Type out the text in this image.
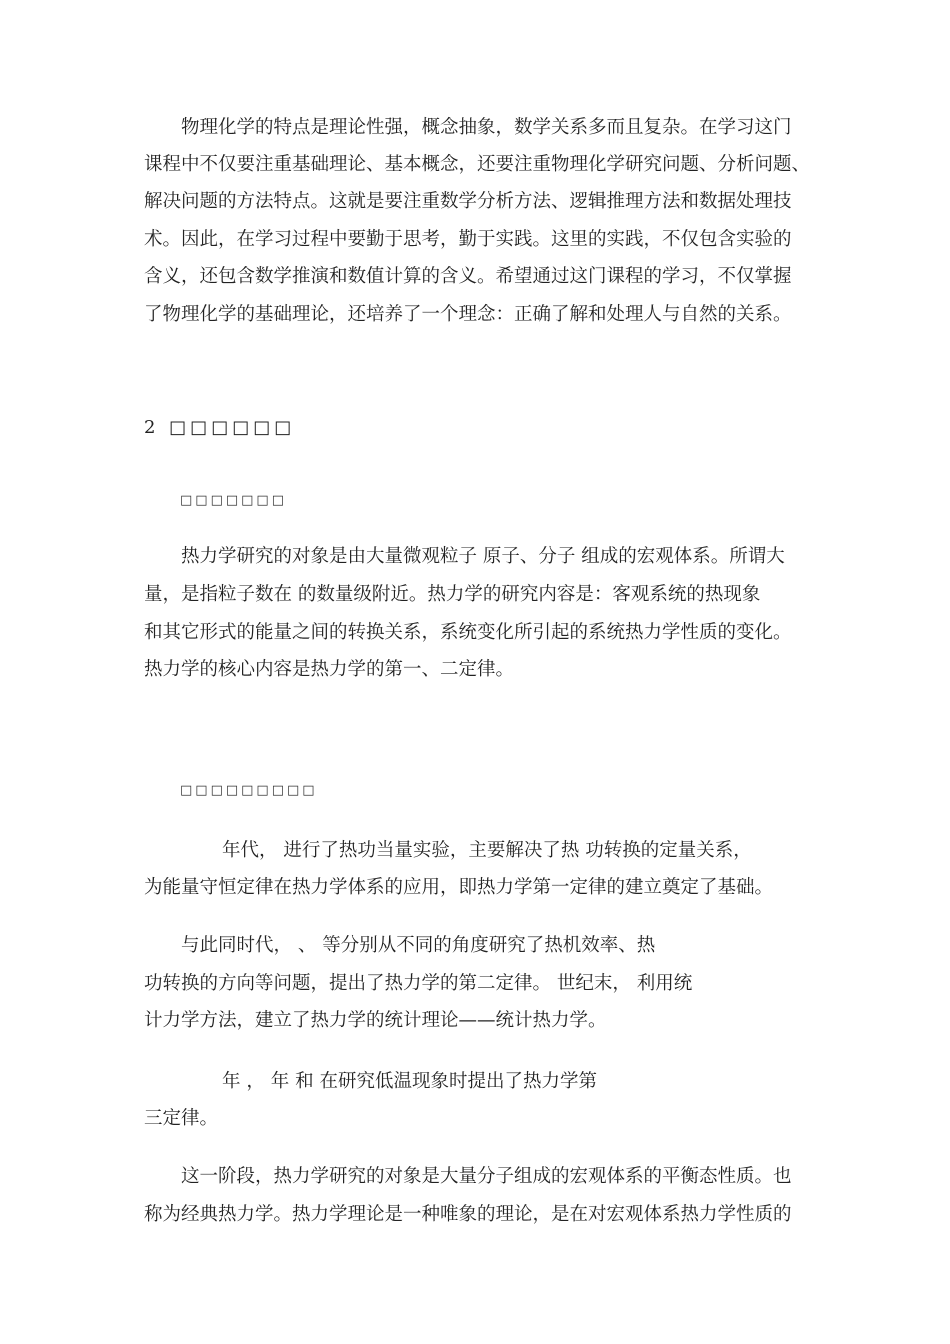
物理化学的特点是理论性强，概念抽象，数学关系多而且复杂。在学习这门
课程中不仅要注重基础理论、基本概念，还要注重物理化学研究问题、分析问题、
解决问题的方法特点。这就是要注重数学分析方法、逻辑推理方法和数据处理技
术。因此，在学习过程中要勤于思考，勤于实践。这里的实践，不仅包含实验的
含义，还包含数学推演和数值计算的含义。希望通过这门课程的学习，不仅掌握
了物理化学的基础理论，还培养了一个理念：正确了解和处理人与自然的关系。
2 □□□□□□
□□□□□□□
热力学研究的对象是由大量微观粒子 原子、分子 组成的宏观体系。所谓大
量，是指粒子数在 的数量级附近。热力学的研究内容是：客观系统的热现象
和其它形式的能量之间的转换关系，系统变化所引起的系统热力学性质的变化。
热力学的核心内容是热力学的第一、二定律。
□□□□□□□□□
年代， 进行了热功当量实验，主要解决了热 功转换的定量关系，
为能量守恒定律在热力学体系的应用，即热力学第一定律的建立奠定了基础。
与此同时代， 、 等分别从不同的角度研究了热机效率、热
功转换的方向等问题，提出了热力学的第二定律。 世纪末， 利用统
计力学方法，建立了热力学的统计理论——统计热力学。
年 ， 年 和 在研究低温现象时提出了热力学第
三定律。
这一阶段，热力学研究的对象是大量分子组成的宏观体系的平衡态性质。也
称为经典热力学。热力学理论是一种唯象的理论，是在对宏观体系热力学性质的
